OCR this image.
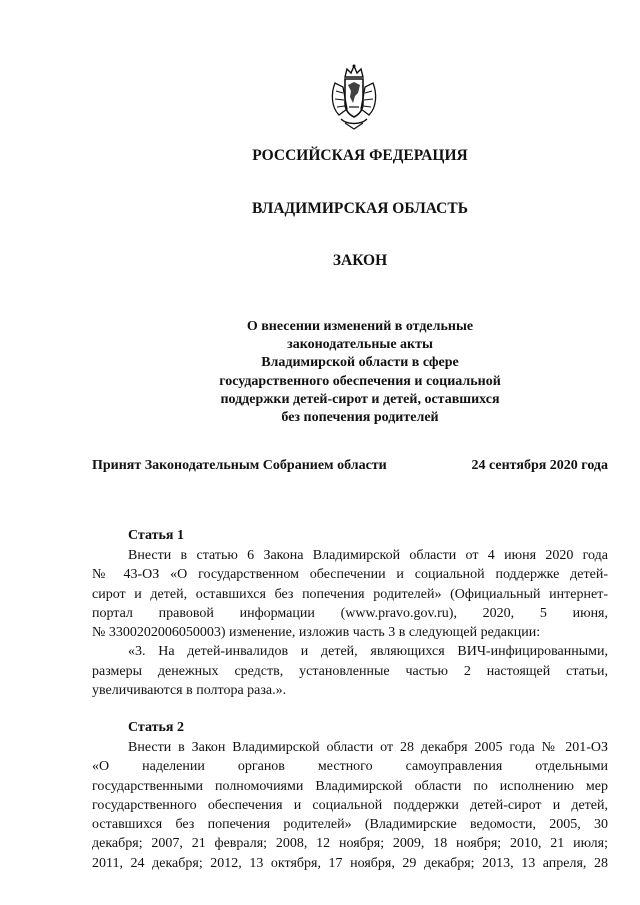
РОССИЙСКАЯ ФЕДЕРАЦИЯ
ВЛАДИМИРСКАЯ ОБЛАСТЬ
ЗАКОН
О внесении изменений в отдельные
законодательные акты
Владимирской области в сфере
государственного обеспечения и социальной
поддержки детей-сирот и детей, оставшихся
без попечения родителей
Принят Законодательным Собранием области	24 сентября 2020 года
Статья 1
Внести в статью 6 Закона Владимирской области от 4 июня 2020 года
№ 43-ОЗ «О государственном обеспечении и социальной поддержке детей-
сирот и детей, оставшихся без попечения родителей» (Официальный интернет-
портал правовой информации (www.pravo.gov.ru), 2020, 5 июня,
№ 3300202006050003) изменение, изложив часть 3 в следующей редакции:
«3. На детей-инвалидов и детей, являющихся ВИЧ-инфицированными,
размеры денежных средств, установленные частью 2 настоящей статьи,
увеличиваются в полтора раза.».
Статья 2
Внести в Закон Владимирской области от 28 декабря 2005 года № 201-ОЗ
«О наделении органов местного самоуправления отдельными
государственными полномочиями Владимирской области по исполнению мер
государственного обеспечения и социальной поддержки детей-сирот и детей,
оставшихся без попечения родителей» (Владимирские ведомости, 2005, 30
декабря; 2007, 21 февраля; 2008, 12 ноября; 2009, 18 ноября; 2010, 21 июля;
2011, 24 декабря; 2012, 13 октября, 17 ноября, 29 декабря; 2013, 13 апреля, 28
